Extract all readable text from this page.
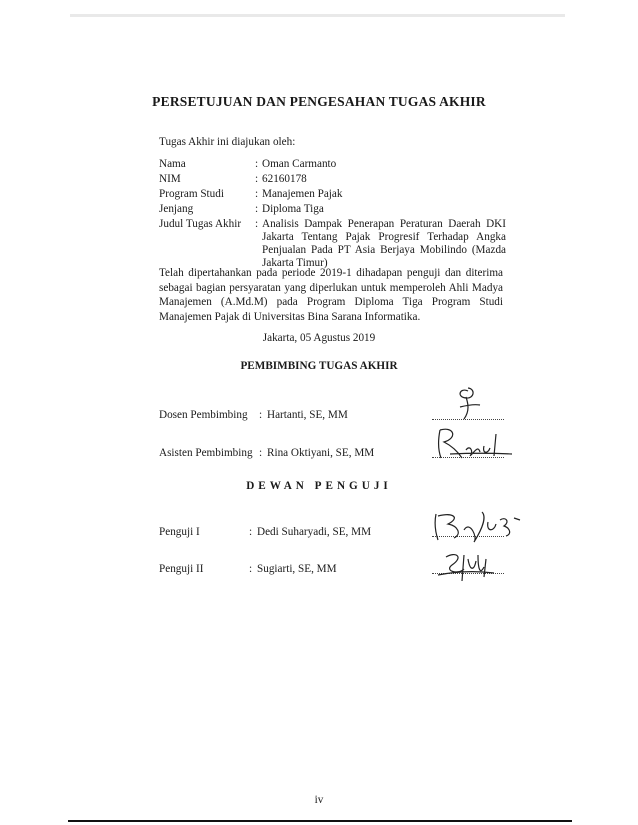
PERSETUJUAN DAN PENGESAHAN TUGAS AKHIR
Tugas Akhir ini diajukan oleh:
Nama	: Oman Carmanto
NIM	: 62160178
Program Studi	: Manajemen Pajak
Jenjang	: Diploma Tiga
Judul Tugas Akhir : Analisis Dampak Penerapan Peraturan Daerah DKI Jakarta Tentang Pajak Progresif Terhadap Angka Penjualan Pada PT Asia Berjaya Mobilindo (Mazda Jakarta Timur)
Telah dipertahankan pada periode 2019-1 dihadapan penguji dan diterima sebagai bagian persyaratan yang diperlukan untuk memperoleh Ahli Madya Manajemen (A.Md.M) pada Program Diploma Tiga Program Studi Manajemen Pajak di Universitas Bina Sarana Informatika.
Jakarta, 05 Agustus 2019
PEMBIMBING TUGAS AKHIR
Dosen Pembimbing : Hartanti, SE, MM
Asisten Pembimbing : Rina Oktiyani, SE, MM
DEWAN PENGUJI
Penguji I	: Dedi Suharyadi, SE, MM
Penguji II	: Sugiarti, SE, MM
iv
